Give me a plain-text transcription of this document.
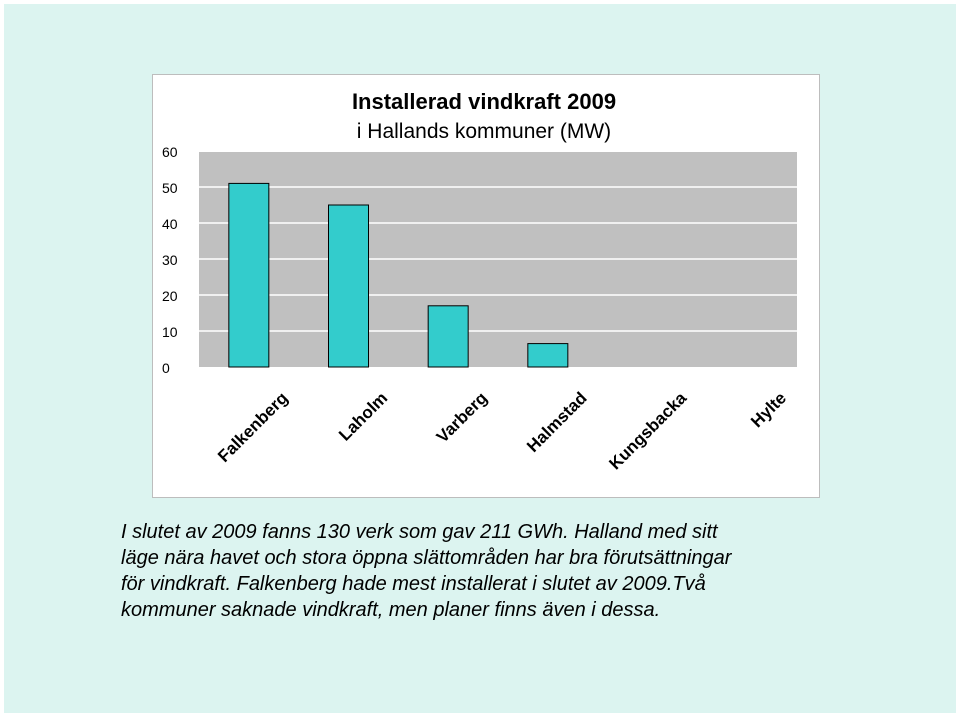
Installerad vindkraft 2009
i Hallands kommuner (MW)
0
10
20
30
40
50
60
Falkenberg	Laholm Varberg Halmstad Kungsbacka	Hylte

I slutet av 2009 fanns 130 verk som gav 211 GWh. Halland med sitt
läge nära havet och stora öppna slättområden har bra förutsättningar
för vindkraft. Falkenberg hade mest installerat i slutet av 2009.Två
kommuner saknade vindkraft, men planer finns även i dessa.
